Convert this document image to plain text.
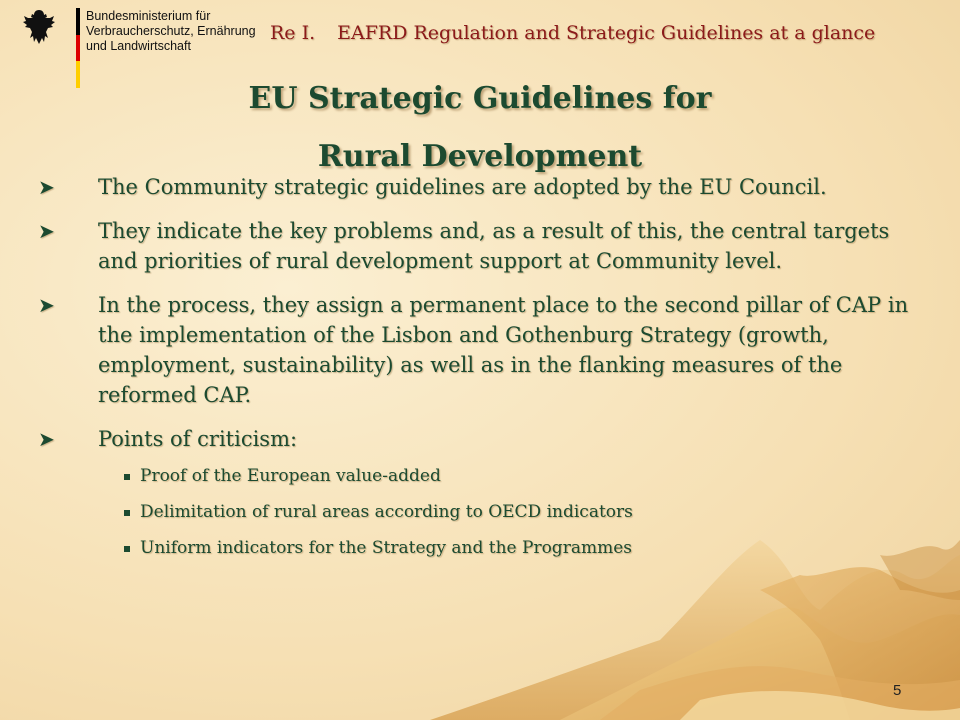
Bundesministerium für
Verbraucherschutz, Ernährung
und Landwirtschaft
Re I. EAFRD Regulation and Strategic Guidelines at a glance
EU Strategic Guidelines for
Rural Development
➤ The Community strategic guidelines are adopted by the EU Council.
➤ They indicate the key problems and, as a result of this, the central targets and priorities of rural development support at Community level.
➤ In the process, they assign a permanent place to the second pillar of CAP in the implementation of the Lisbon and Gothenburg Strategy (growth, employment, sustainability) as well as in the flanking measures of the reformed CAP.
➤ Points of criticism:
Proof of the European value-added
Delimitation of rural areas according to OECD indicators
Uniform indicators for the Strategy and the Programmes
5
